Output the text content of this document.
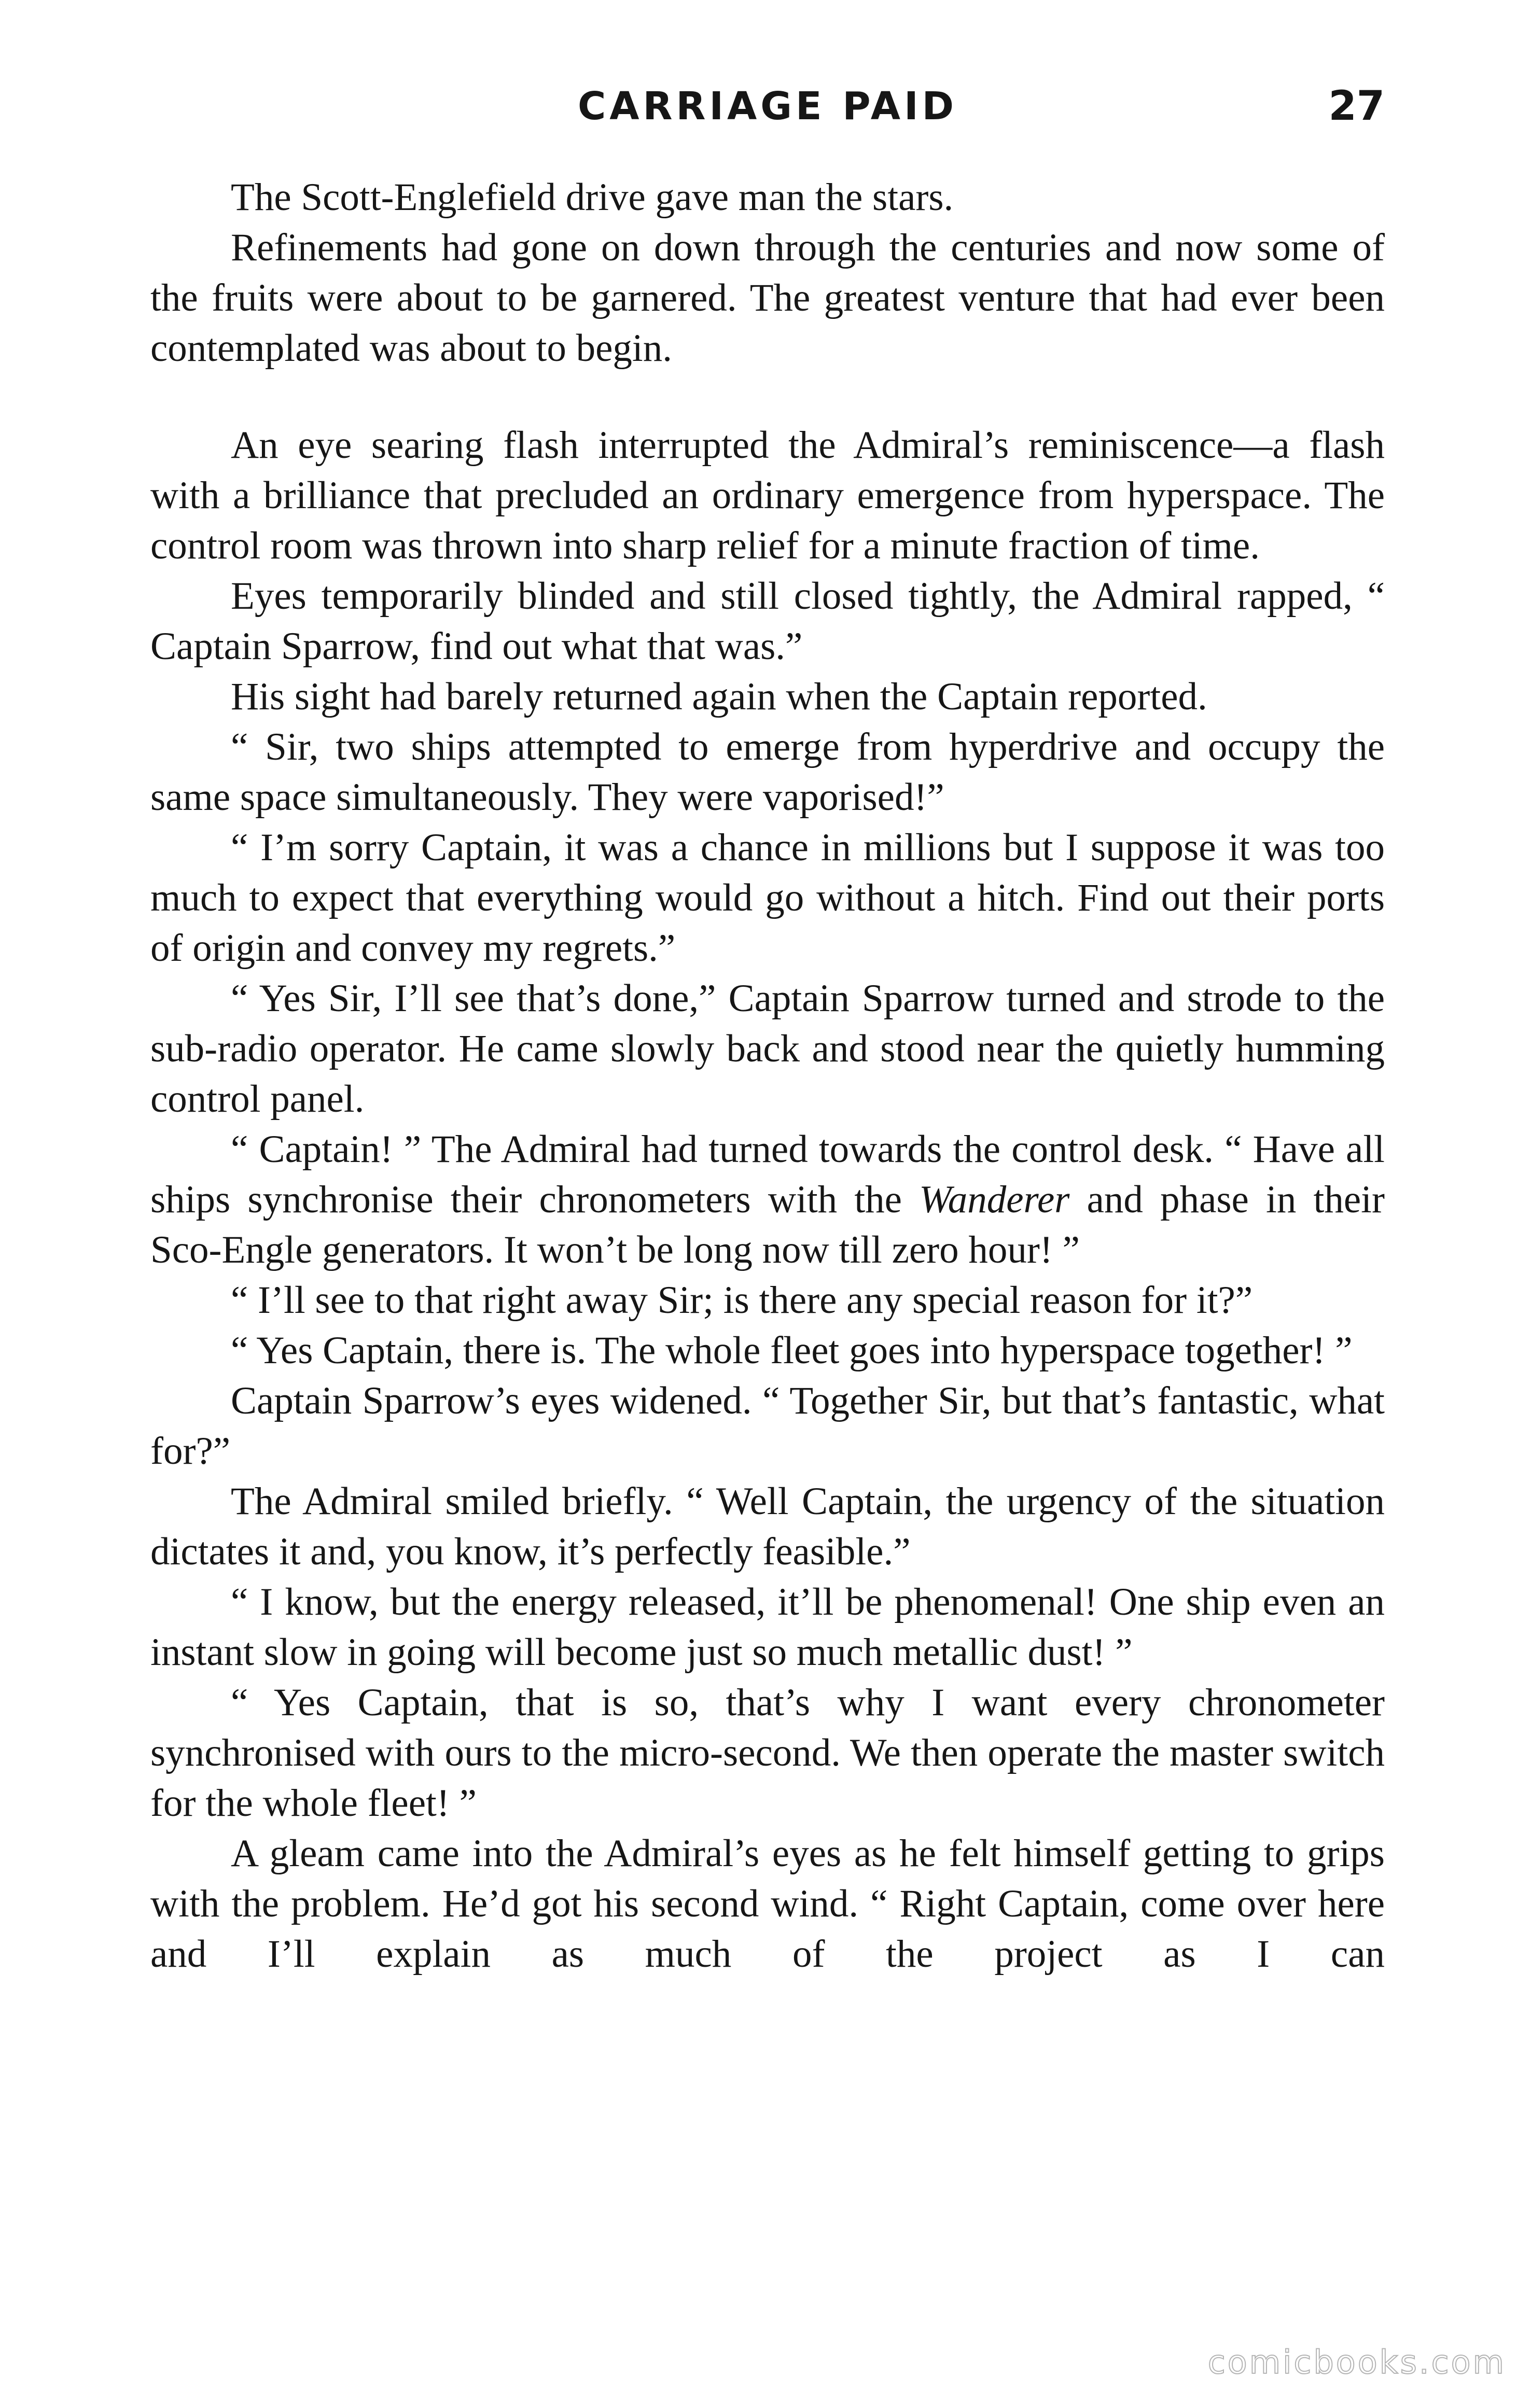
CARRIAGE PAID	27

The Scott-Englefield drive gave man the stars.

Refinements had gone on down through the centuries and now some of the fruits were about to be garnered. The greatest venture that had ever been contemplated was about to begin.

An eye searing flash interrupted the Admiral’s reminiscence—a flash with a brilliance that precluded an ordinary emergence from hyperspace. The control room was thrown into sharp relief for a minute fraction of time.

Eyes temporarily blinded and still closed tightly, the Admiral rapped, “ Captain Sparrow, find out what that was.”

His sight had barely returned again when the Captain reported.

“ Sir, two ships attempted to emerge from hyperdrive and occupy the same space simultaneously. They were vaporised!”

“ I’m sorry Captain, it was a chance in millions but I suppose it was too much to expect that everything would go without a hitch. Find out their ports of origin and convey my regrets.”

“ Yes Sir, I’ll see that’s done,” Captain Sparrow turned and strode to the sub-radio operator. He came slowly back and stood near the quietly humming control panel.

“ Captain! ” The Admiral had turned towards the control desk. “ Have all ships synchronise their chronometers with the Wanderer and phase in their Sco-Engle generators. It won’t be long now till zero hour! ”

“ I’ll see to that right away Sir; is there any special reason for it?”

“ Yes Captain, there is. The whole fleet goes into hyperspace together! ”

Captain Sparrow’s eyes widened. “ Together Sir, but that’s fantastic, what for?”

The Admiral smiled briefly. “ Well Captain, the urgency of the situation dictates it and, you know, it’s perfectly feasible.”

“ I know, but the energy released, it’ll be phenomenal! One ship even an instant slow in going will become just so much metallic dust! ”

“ Yes Captain, that is so, that’s why I want every chronometer synchronised with ours to the micro-second. We then operate the master switch for the whole fleet! ”

A gleam came into the Admiral’s eyes as he felt himself getting to grips with the problem. He’d got his second wind. “ Right Captain, come over here and I’ll explain as much of the project as I can

comicbooks.com
